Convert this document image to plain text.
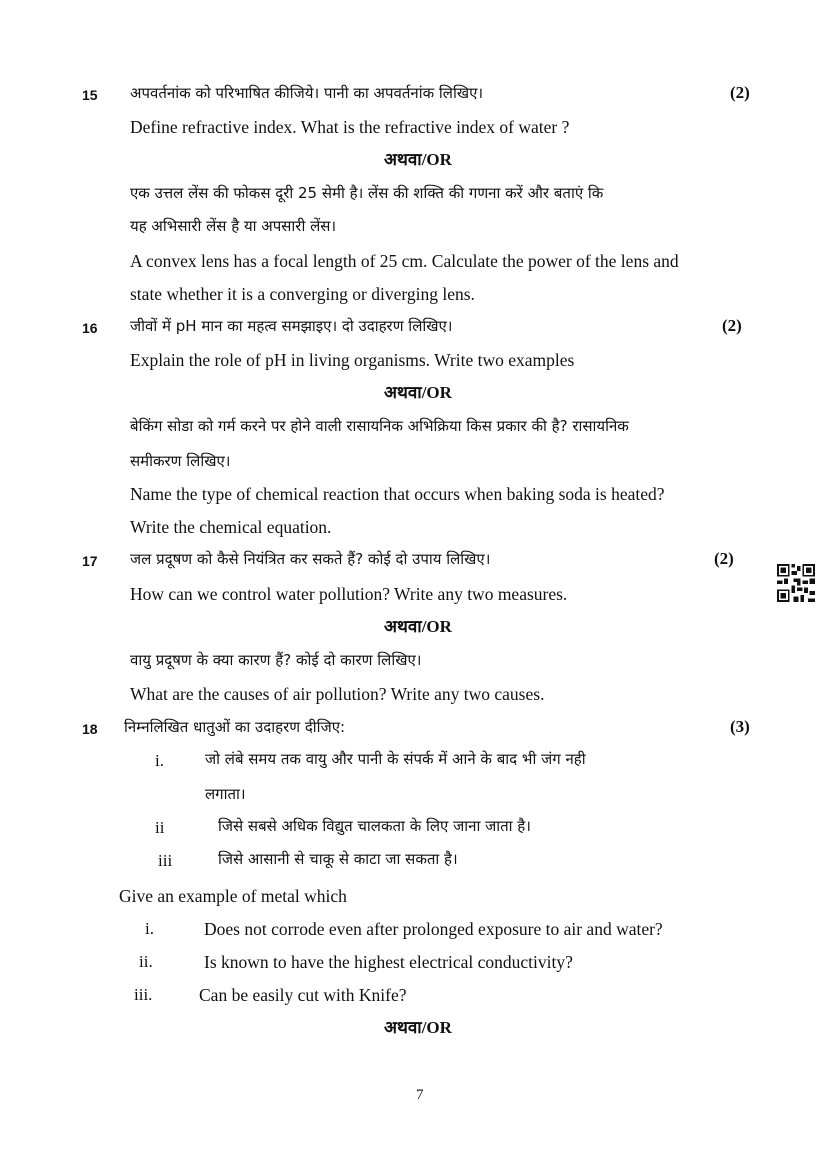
15 अपवर्तनांक को परिभाषित कीजिये। पानी का अपवर्तनांक लिखिए।	(2)
Define refractive index. What is the refractive index of water ?
अथवा/OR
एक उत्तल लेंस की फोकस दूरी 25 सेमी है। लेंस की शक्ति की गणना करें और बताएं कि
यह अभिसारी लेंस है या अपसारी लेंस।
A convex lens has a focal length of 25 cm. Calculate the power of the lens and
state whether it is a converging or diverging lens.
16 जीवों में pH मान का महत्व समझाइए। दो उदाहरण लिखिए।	(2)
Explain the role of pH in living organisms. Write two examples
अथवा/OR
बेकिंग सोडा को गर्म करने पर होने वाली रासायनिक अभिक्रिया किस प्रकार की है? रासायनिक
समीकरण लिखिए।
Name the type of chemical reaction that occurs when baking soda is heated?
Write the chemical equation.
17 जल प्रदूषण को कैसे नियंत्रित कर सकते हैं? कोई दो उपाय लिखिए।	(2)
How can we control water pollution? Write any two measures.
अथवा/OR
वायु प्रदूषण के क्या कारण हैं? कोई दो कारण लिखिए।
What are the causes of air pollution? Write any two causes.
18 निम्नलिखित धातुओं का उदाहरण दीजिए:	(3)
i.	जो लंबे समय तक वायु और पानी के संपर्क में आने के बाद भी जंग नही
लगाता।
ii	जिसे सबसे अधिक विद्युत चालकता के लिए जाना जाता है।
iii	जिसे आसानी से चाकू से काटा जा सकता है।
Give an example of metal which
i.	Does not corrode even after prolonged exposure to air and water?
ii.	Is known to have the highest electrical conductivity?
iii.	Can be easily cut with Knife?
अथवा/OR
7
